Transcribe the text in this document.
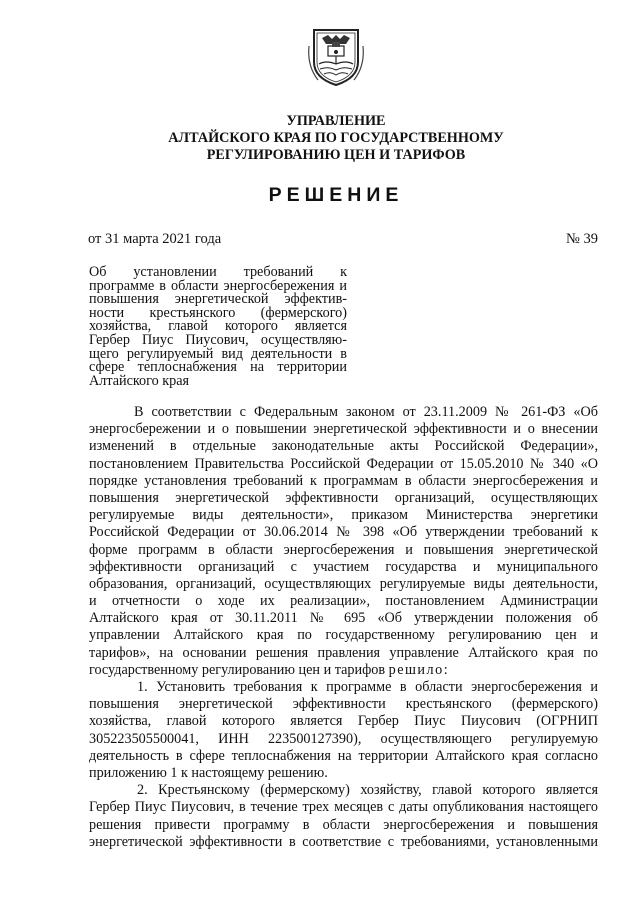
УПРАВЛЕНИЕ
АЛТАЙСКОГО КРАЯ ПО ГОСУДАРСТВЕННОМУ
РЕГУЛИРОВАНИЮ ЦЕН И ТАРИФОВ
РЕШЕНИЕ
от 31 марта 2021 года	№ 39
Об установлении требований к
программе в области энергосбережения и
повышения энергетической эффектив-
ности крестьянского (фермерского)
хозяйства, главой которого является
Гербер Пиус Пиусович, осуществляю-
щего регулируемый вид деятельности в
сфере теплоснабжения на территории
Алтайского края
В соответствии с Федеральным законом от 23.11.2009 № 261-ФЗ «Об
энергосбережении и о повышении энергетической эффективности и о внесении
изменений в отдельные законодательные акты Российской Федерации»,
постановлением Правительства Российской Федерации от 15.05.2010 № 340 «О
порядке установления требований к программам в области энергосбережения и
повышения энергетической эффективности организаций, осуществляющих
регулируемые виды деятельности», приказом Министерства энергетики
Российской Федерации от 30.06.2014 № 398 «Об утверждении требований к
форме программ в области энергосбережения и повышения энергетической
эффективности организаций с участием государства и муниципального
образования, организаций, осуществляющих регулируемые виды деятельности,
и отчетности о ходе их реализации», постановлением Администрации
Алтайского края от 30.11.2011 № 695 «Об утверждении положения об
управлении Алтайского края по государственному регулированию цен и
тарифов», на основании решения правления управление Алтайского края по
государственному регулированию цен и тарифов решило:
1. Установить требования к программе в области энергосбережения и
повышения энергетической эффективности крестьянского (фермерского)
хозяйства, главой которого является Гербер Пиус Пиусович (ОГРНИП
305223505500041, ИНН 223500127390), осуществляющего регулируемую
деятельность в сфере теплоснабжения на территории Алтайского края согласно
приложению 1 к настоящему решению.
2. Крестьянскому (фермерскому) хозяйству, главой которого является
Гербер Пиус Пиусович, в течение трех месяцев с даты опубликования настоящего
решения привести программу в области энергосбережения и повышения
энергетической эффективности в соответствие с требованиями, установленными
